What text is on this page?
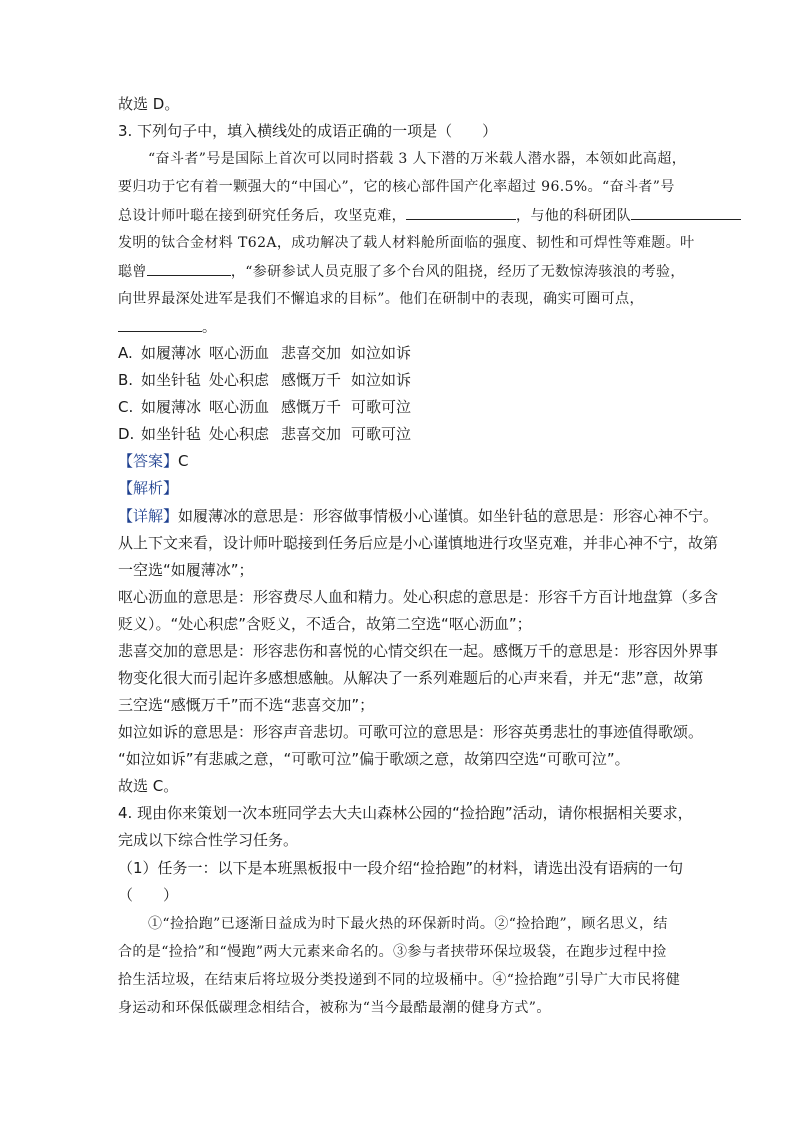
故选 D。
3. 下列句子中，填入横线处的成语正确的一项是（　　）
“奋斗者”号是国际上首次可以同时搭载 3 人下潜的万米载人潜水器，本领如此高超，
要归功于它有着一颗强大的“中国心”，它的核心部件国产化率超过 96.5%。“奋斗者”号
总设计师叶聪在接到研究任务后，攻坚克难，	，与他的科研团队
发明的钛合金材料 T62A，成功解决了载人材料舱所面临的强度、韧性和可焊性等难题。叶
聪曾	，“参研参试人员克服了多个台风的阻挠，经历了无数惊涛骇浪的考验，
向世界最深处进军是我们不懈追求的目标”。他们在研制中的表现，确实可圈可点，
。
A. 如履薄冰 呕心沥血 悲喜交加 如泣如诉
B. 如坐针毡 处心积虑 感慨万千 如泣如诉
C. 如履薄冰 呕心沥血 感慨万千 可歌可泣
D. 如坐针毡 处心积虑 悲喜交加 可歌可泣
【答案】C
【解析】
【详解】如履薄冰的意思是：形容做事情极小心谨慎。如坐针毡的意思是：形容心神不宁。
从上下文来看，设计师叶聪接到任务后应是小心谨慎地进行攻坚克难，并非心神不宁，故第
一空选“如履薄冰”；
呕心沥血的意思是：形容费尽人血和精力。处心积虑的意思是：形容千方百计地盘算（多含
贬义）。“处心积虑”含贬义，不适合，故第二空选“呕心沥血”；
悲喜交加的意思是：形容悲伤和喜悦的心情交织在一起。感慨万千的意思是：形容因外界事
物变化很大而引起许多感想感触。从解决了一系列难题后的心声来看，并无“悲”意，故第
三空选“感慨万千”而不选“悲喜交加”；
如泣如诉的意思是：形容声音悲切。可歌可泣的意思是：形容英勇悲壮的事迹值得歌颂。
“如泣如诉”有悲戚之意，“可歌可泣”偏于歌颂之意，故第四空选“可歌可泣”。
故选 C。
4. 现由你来策划一次本班同学去大夫山森林公园的“捡拾跑”活动，请你根据相关要求，
完成以下综合性学习任务。
（1）任务一：以下是本班黑板报中一段介绍“捡拾跑”的材料，请选出没有语病的一句
（　　）
①“捡拾跑”已逐渐日益成为时下最火热的环保新时尚。②“捡拾跑”，顾名思义，结
合的是“捡拾”和“慢跑”两大元素来命名的。③参与者挟带环保垃圾袋，在跑步过程中捡
拾生活垃圾，在结束后将垃圾分类投递到不同的垃圾桶中。④“捡拾跑”引导广大市民将健
身运动和环保低碳理念相结合，被称为“当今最酷最潮的健身方式”。
